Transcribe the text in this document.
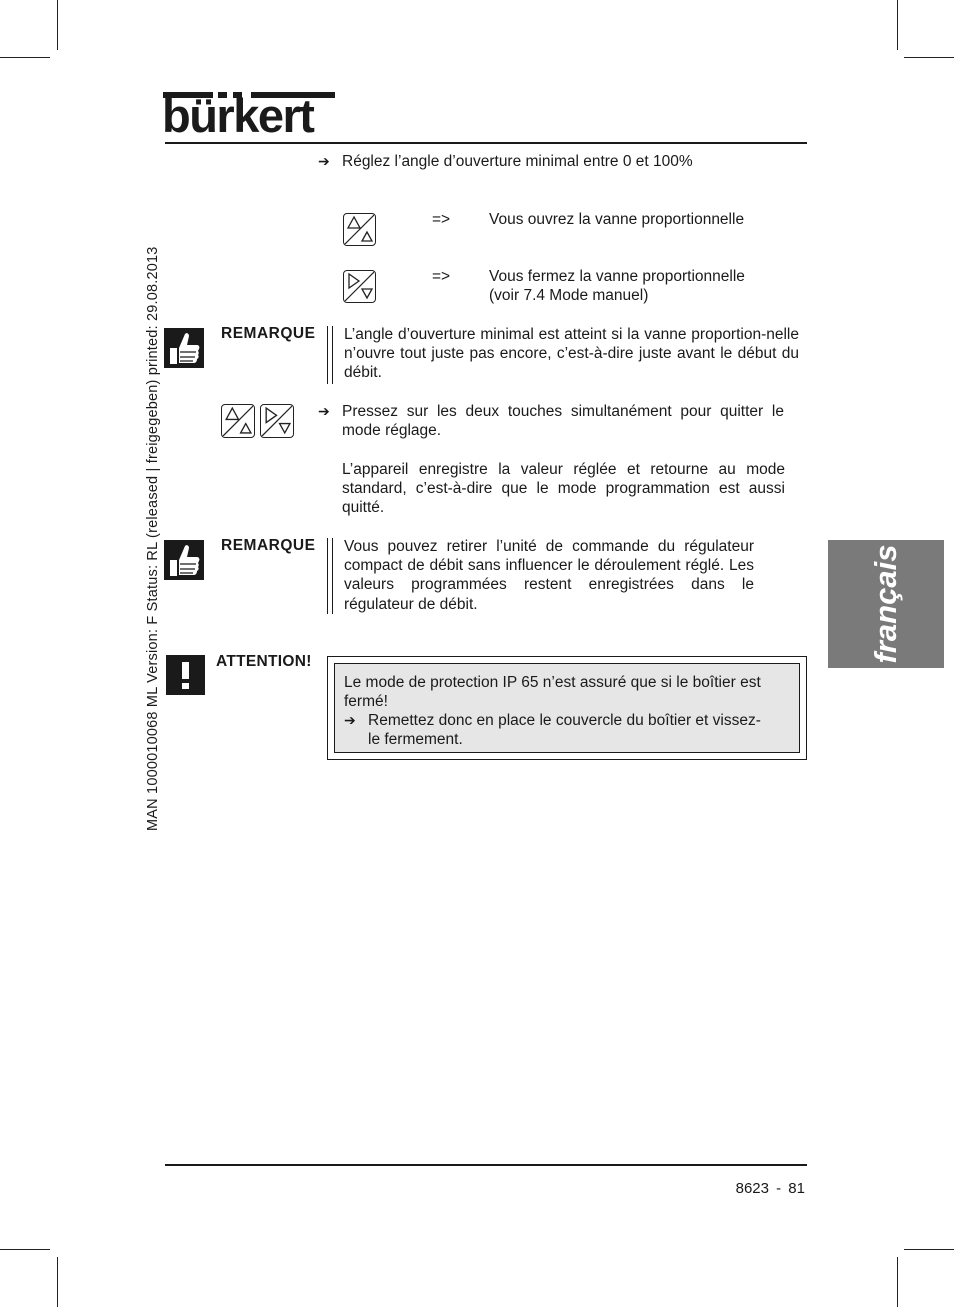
bürkert
➔ Réglez l’angle d’ouverture minimal entre 0 et 100%
=>	Vous ouvrez la vanne proportionnelle
=>	Vous fermez la vanne proportionnelle
(voir 7.4 Mode manuel)
REMARQUE L’angle d’ouverture minimal est atteint si la vanne proportion-nelle n’ouvre tout juste pas encore, c’est-à-dire juste avant le début du débit.
➔ Pressez sur les deux touches simultanément pour quitter le mode réglage.
L’appareil enregistre la valeur réglée et retourne au mode standard, c’est-à-dire que le mode programmation est aussi quitté.
REMARQUE Vous pouvez retirer l’unité de commande du régulateur compact de débit sans influencer le déroulement réglé. Les valeurs programmées restent enregistrées dans le régulateur de débit.
ATTENTION!
Le mode de protection IP 65 n’est assuré que si le boîtier est fermé!
➔ Remettez donc en place le couvercle du boîtier et vissez-le fermement.
français
MAN 1000010068 ML Version: F Status: RL (released | freigegeben) printed: 29.08.2013
8623 - 81
